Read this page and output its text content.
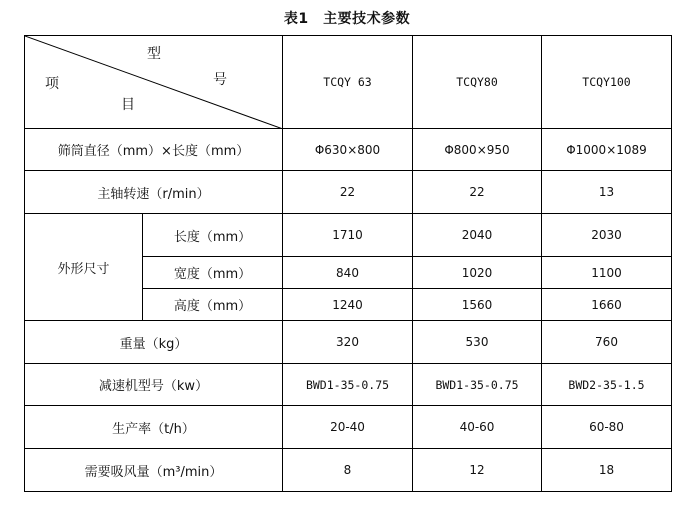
表1　主要技术参数
型
号
项
目		TCQY 63	TCQY80	TCQY100
筛筒直径（mm）×长度（mm）		Φ630×800	Φ800×950	Φ1000×1089
主轴转速（r/min）		22	22	13
外形尺寸	长度（mm）	1710	2040	2030
	宽度（mm）	840	1020	1100
	高度（mm）	1240	1560	1660
重量（kg）		320	530	760
减速机型号（kw）		BWD1-35-0.75	BWD1-35-0.75	BWD2-35-1.5
生产率（t/h）		20-40	40-60	60-80
需要吸风量（m³/min）		8	12	18
